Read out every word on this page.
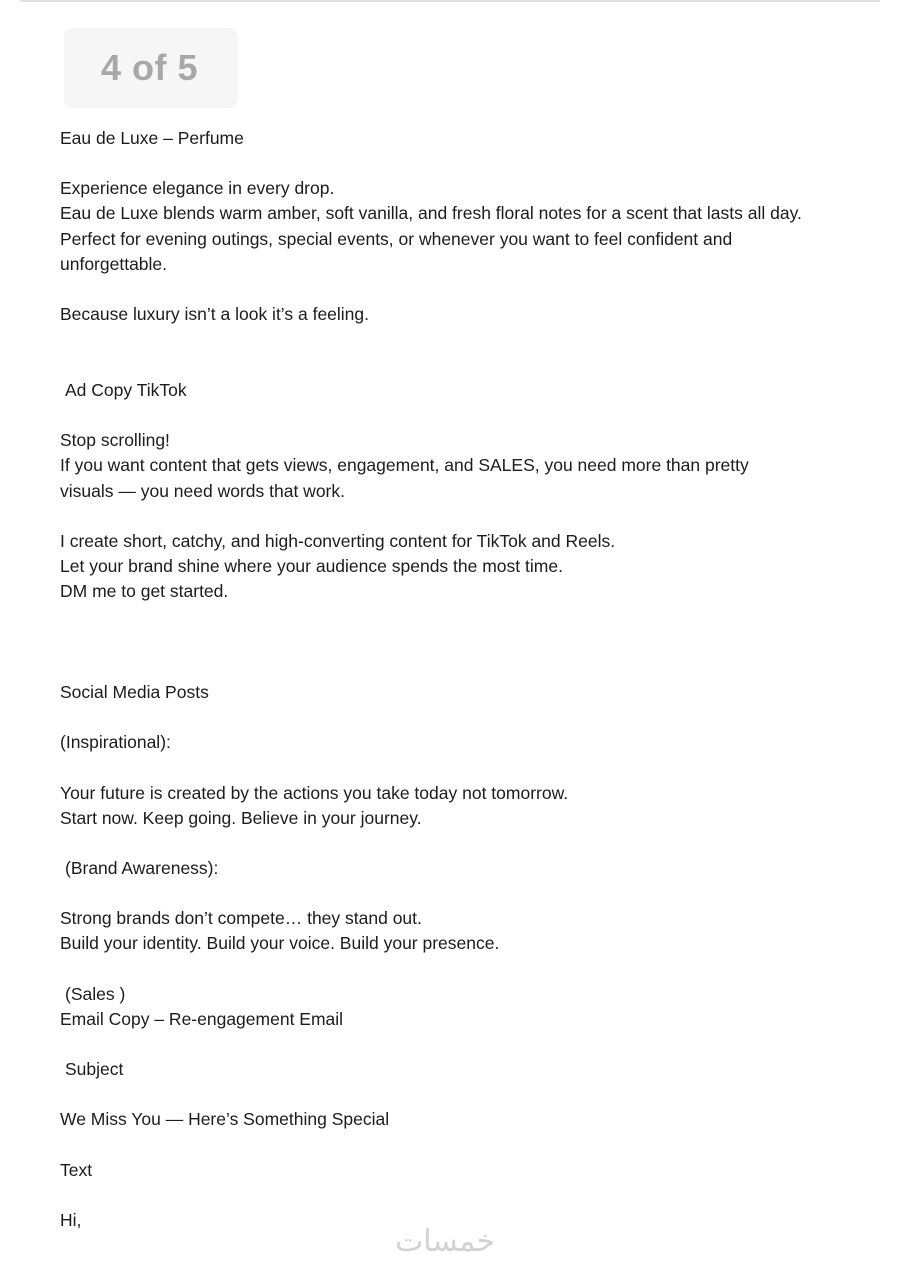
4 of 5
Eau de Luxe – Perfume
Experience elegance in every drop.
Eau de Luxe blends warm amber, soft vanilla, and fresh floral notes for a scent that lasts all day.
Perfect for evening outings, special events, or whenever you want to feel confident and
unforgettable.
Because luxury isn’t a look it’s a feeling.
Ad Copy TikTok
Stop scrolling!
If you want content that gets views, engagement, and SALES, you need more than pretty
visuals — you need words that work.
I create short, catchy, and high-converting content for TikTok and Reels.
Let your brand shine where your audience spends the most time.
DM me to get started.
Social Media Posts
(Inspirational):
Your future is created by the actions you take today not tomorrow.
Start now. Keep going. Believe in your journey.
(Brand Awareness):
Strong brands don’t compete… they stand out.
Build your identity. Build your voice. Build your presence.
(Sales )
Email Copy – Re-engagement Email
Subject
We Miss You — Here’s Something Special
Text
Hi,
خمسات
